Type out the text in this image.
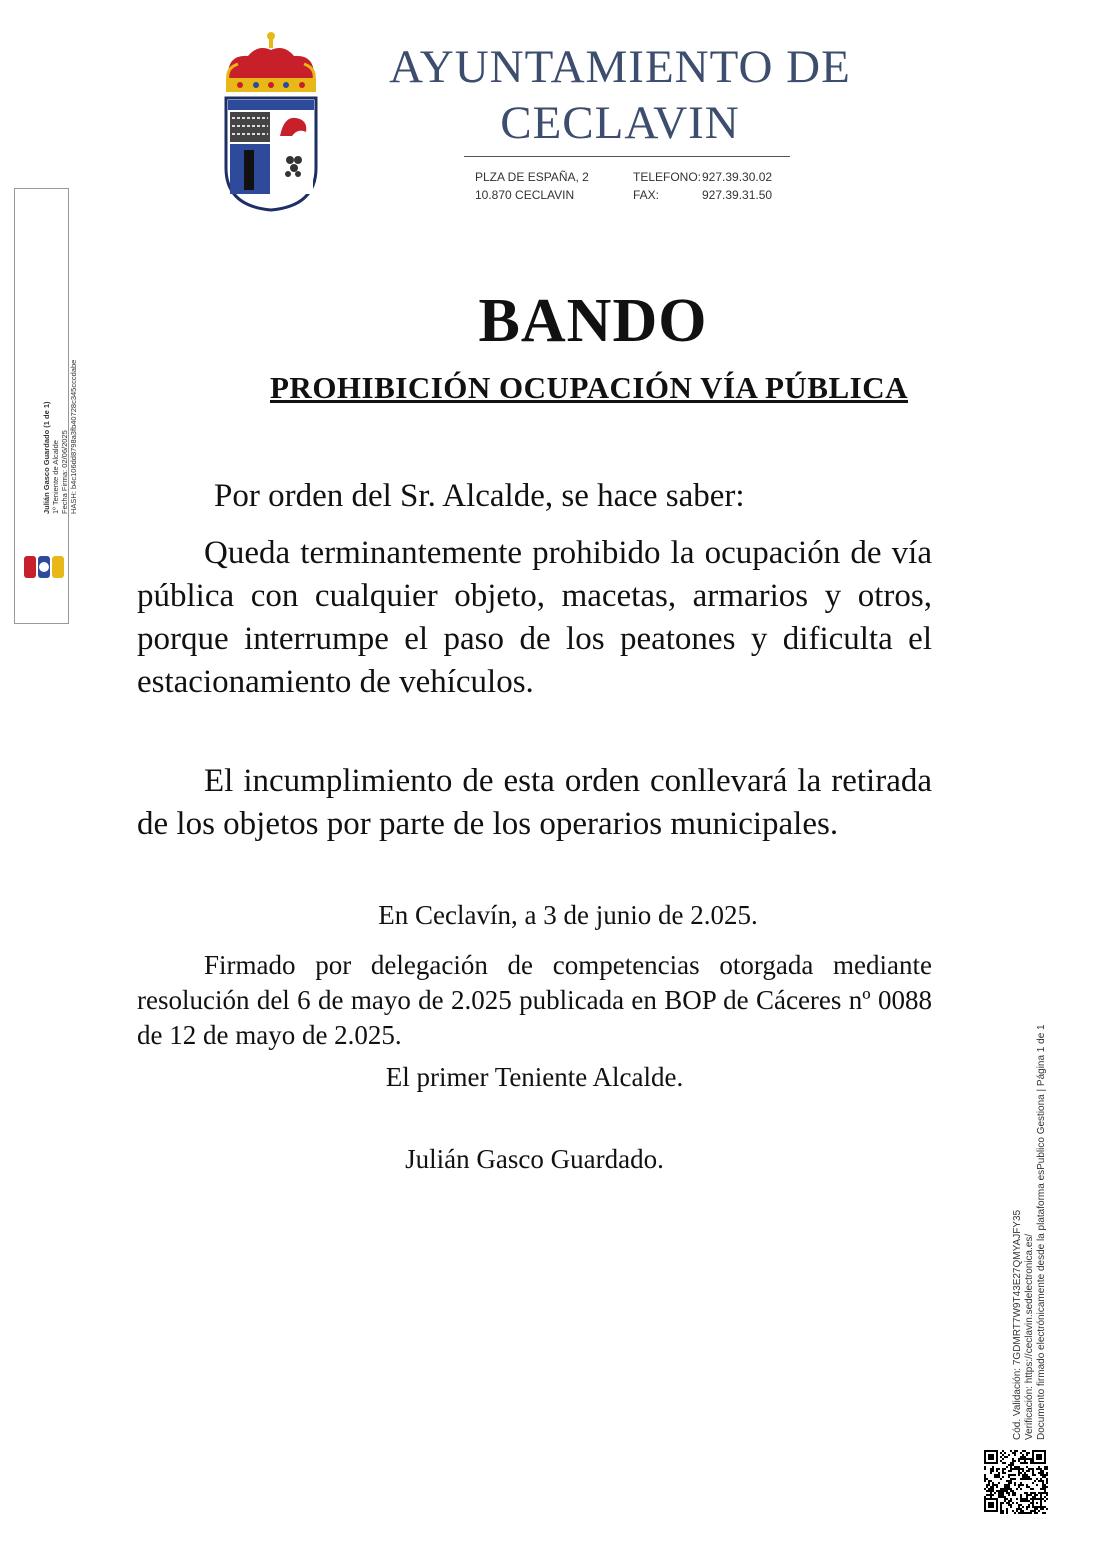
AYUNTAMIENTO DE
CECLAVIN
PLZA DE ESPAÑA, 2
10.870 CECLAVIN
TELEFONO: 927.39.30.02
FAX:	927.39.31.50
Julián Gasco Guardado (1 de 1) 1º Teniente de Alcalde Fecha Firma: 02/06/2025 HASH: b4c106dd8798a3fb40728c345cccdabe
BANDO
PROHIBICIÓN OCUPACIÓN VÍA PÚBLICA
Por orden del Sr. Alcalde, se hace saber:
Queda terminantemente prohibido la ocupación de vía pública con cualquier objeto, macetas, armarios y otros, porque interrumpe el paso de los peatones y dificulta el estacionamiento de vehículos.
El incumplimiento de esta orden conllevará la retirada de los objetos por parte de los operarios municipales.
En Ceclavín, a 3 de junio de 2.025.
Firmado por delegación de competencias otorgada mediante resolución del 6 de mayo de 2.025 publicada en BOP de Cáceres nº 0088 de 12 de mayo de 2.025.
El primer Teniente Alcalde.
Julián Gasco Guardado.
Cód. Validación: 7GDMRT7W9T43E27QMYAJFY35 Verificación: https://ceclavin.sedelectronica.es/ Documento firmado electrónicamente desde la plataforma esPublico Gestiona | Página 1 de 1
